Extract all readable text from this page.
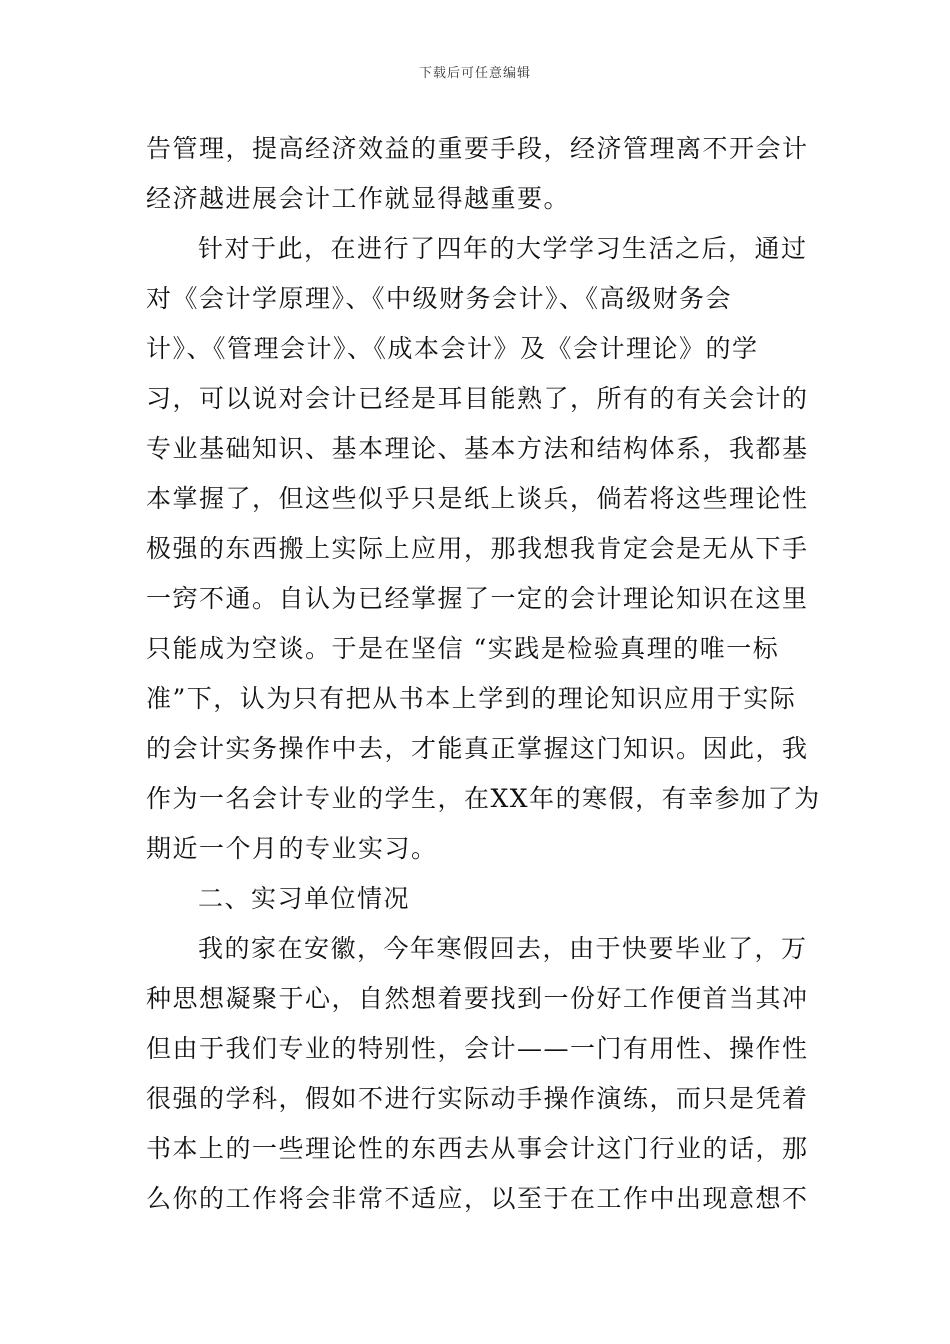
下载后可任意编辑
告管理，提高经济效益的重要手段，经济管理离不开会计
经济越进展会计工作就显得越重要。
针对于此，在进行了四年的大学学习生活之后，通过
对《会计学原理》、《中级财务会计》、《高级财务会
计》、《管理会计》、《成本会计》及《会计理论》的学
习，可以说对会计已经是耳目能熟了，所有的有关会计的
专业基础知识、基本理论、基本方法和结构体系，我都基
本掌握了，但这些似乎只是纸上谈兵，倘若将这些理论性
极强的东西搬上实际上应用，那我想我肯定会是无从下手
一窍不通。自认为已经掌握了一定的会计理论知识在这里
只能成为空谈。于是在坚信 “实践是检验真理的唯一标
准”下，认为只有把从书本上学到的理论知识应用于实际
的会计实务操作中去，才能真正掌握这门知识。因此，我
作为一名会计专业的学生，在XX年的寒假，有幸参加了为
期近一个月的专业实习。
二、实习单位情况
我的家在安徽，今年寒假回去，由于快要毕业了，万
种思想凝聚于心，自然想着要找到一份好工作便首当其冲
但由于我们专业的特别性，会计——一门有用性、操作性
很强的学科，假如不进行实际动手操作演练，而只是凭着
书本上的一些理论性的东西去从事会计这门行业的话，那
么你的工作将会非常不适应，以至于在工作中出现意想不
